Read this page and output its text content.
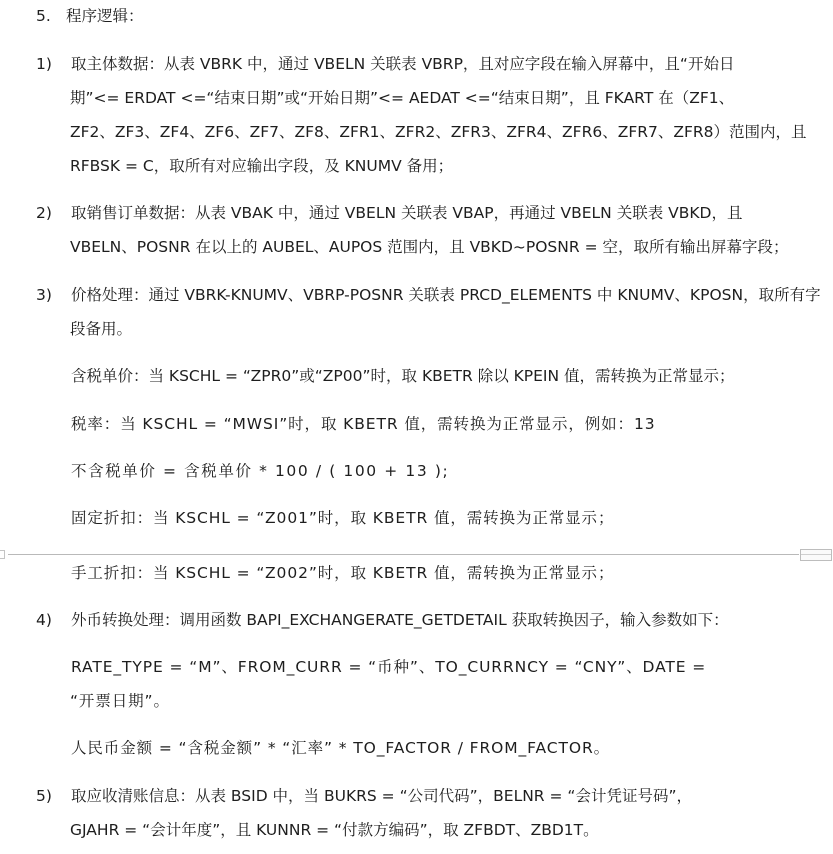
5. 程序逻辑：
1) 取主体数据：从表 VBRK 中，通过 VBELN 关联表 VBRP，且对应字段在输入屏幕中，且“开始日
期”<= ERDAT <=“结束日期”或“开始日期”<= AEDAT <=“结束日期”，且 FKART 在（ZF1、
ZF2、ZF3、ZF4、ZF6、ZF7、ZF8、ZFR1、ZFR2、ZFR3、ZFR4、ZFR6、ZFR7、ZFR8）范围内，且
RFBSK = C，取所有对应输出字段，及 KNUMV 备用；
2) 取销售订单数据：从表 VBAK 中，通过 VBELN 关联表 VBAP，再通过 VBELN 关联表 VBKD，且
VBELN、POSNR 在以上的 AUBEL、AUPOS 范围内，且 VBKD~POSNR = 空，取所有输出屏幕字段；
3) 价格处理：通过 VBRK-KNUMV、VBRP-POSNR 关联表 PRCD_ELEMENTS 中 KNUMV、KPOSN，取所有字
段备用。
含税单价：当 KSCHL = “ZPR0”或“ZP00”时，取 KBETR 除以 KPEIN 值，需转换为正常显示；
税率：当 KSCHL = “MWSI”时，取 KBETR 值，需转换为正常显示，例如：13
不含税单价 = 含税单价 * 100 / ( 100 + 13 );
固定折扣：当 KSCHL = “Z001”时，取 KBETR 值，需转换为正常显示；
手工折扣：当 KSCHL = “Z002”时，取 KBETR 值，需转换为正常显示；
4) 外币转换处理：调用函数 BAPI_EXCHANGERATE_GETDETAIL 获取转换因子，输入参数如下：
RATE_TYPE = “M”、FROM_CURR = “币种”、TO_CURRNCY = “CNY”、DATE =
“开票日期”。
人民币金额 = “含税金额” * “汇率” * TO_FACTOR / FROM_FACTOR。
5) 取应收清账信息：从表 BSID 中，当 BUKRS = “公司代码”，BELNR = “会计凭证号码”，
GJAHR = “会计年度”，且 KUNNR = “付款方编码”，取 ZFBDT、ZBD1T。
